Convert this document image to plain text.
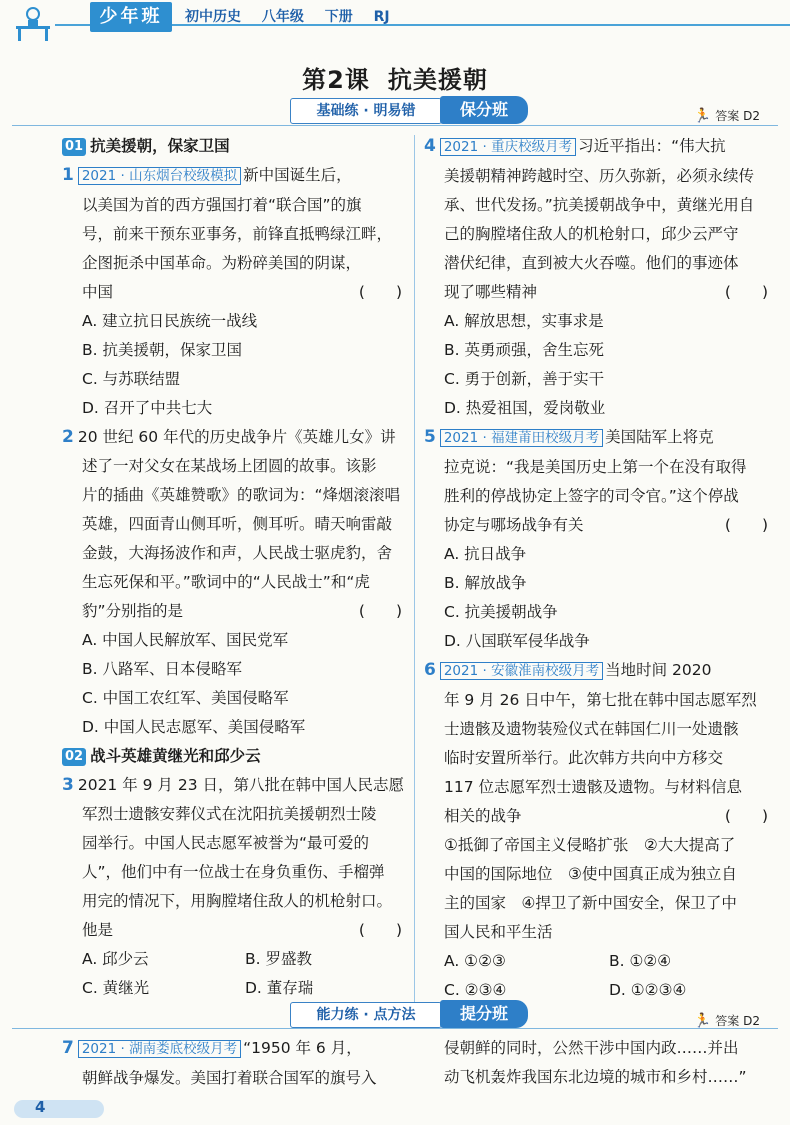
少年班	初中历史 八年级 下册 RJ
第2课 抗美援朝
基础练 · 明易错	保分班	🏃 答案 D2

01 抗美援朝，保家卫国

1 2021 · 山东烟台校级模拟 新中国诞生后，

以美国为首的西方强国打着“联合国”的旗

号，前来干预东亚事务，前锋直抵鸭绿江畔，

企图扼杀中国革命。为粉碎美国的阴谋，

中国	(　　)

A. 建立抗日民族统一战线

B. 抗美援朝，保家卫国

C. 与苏联结盟

D. 召开了中共七大

2 20 世纪 60 年代的历史战争片《英雄儿女》讲

述了一对父女在某战场上团圆的故事。该影

片的插曲《英雄赞歌》的歌词为：“烽烟滚滚唱

英雄，四面青山侧耳听，侧耳听。晴天响雷敲

金鼓，大海扬波作和声，人民战士驱虎豹，舍

生忘死保和平。”歌词中的“人民战士”和“虎

豹”分别指的是	(　　)

A. 中国人民解放军、国民党军

B. 八路军、日本侵略军

C. 中国工农红军、美国侵略军

D. 中国人民志愿军、美国侵略军

02 战斗英雄黄继光和邱少云

3 2021 年 9 月 23 日，第八批在韩中国人民志愿

军烈士遗骸安葬仪式在沈阳抗美援朝烈士陵

园举行。中国人民志愿军被誉为“最可爱的

人”，他们中有一位战士在身负重伤、手榴弹

用完的情况下，用胸膛堵住敌人的机枪射口。

他是	(　　)

A. 邱少云	B. 罗盛教

C. 黄继光	D. 董存瑞

4 2021 · 重庆校级月考 习近平指出：“伟大抗

美援朝精神跨越时空、历久弥新，必须永续传

承、世代发扬。”抗美援朝战争中，黄继光用自

己的胸膛堵住敌人的机枪射口，邱少云严守

潜伏纪律，直到被大火吞噬。他们的事迹体

现了哪些精神	(　　)

A. 解放思想，实事求是

B. 英勇顽强，舍生忘死

C. 勇于创新，善于实干

D. 热爱祖国，爱岗敬业

5 2021 · 福建莆田校级月考 美国陆军上将克

拉克说：“我是美国历史上第一个在没有取得

胜利的停战协定上签字的司令官。”这个停战

协定与哪场战争有关	(　　)

A. 抗日战争

B. 解放战争

C. 抗美援朝战争

D. 八国联军侵华战争

6 2021 · 安徽淮南校级月考 当地时间 2020

年 9 月 26 日中午，第七批在韩中国志愿军烈

士遗骸及遗物装殓仪式在韩国仁川一处遗骸

临时安置所举行。此次韩方共向中方移交

117 位志愿军烈士遗骸及遗物。与材料信息

相关的战争	(　　)

①抵御了帝国主义侵略扩张　②大大提高了

中国的国际地位　③使中国真正成为独立自

主的国家　④捍卫了新中国安全，保卫了中

国人民和平生活

A. ①②③	B. ①②④

C. ②③④	D. ①②③④

能力练 · 点方法	提分班	🏃 答案 D2

7 2021 · 湖南娄底校级月考 “1950 年 6 月，

朝鲜战争爆发。美国打着联合国军的旗号入

侵朝鲜的同时，公然干涉中国内政……并出

动飞机轰炸我国东北边境的城市和乡村……”

4
